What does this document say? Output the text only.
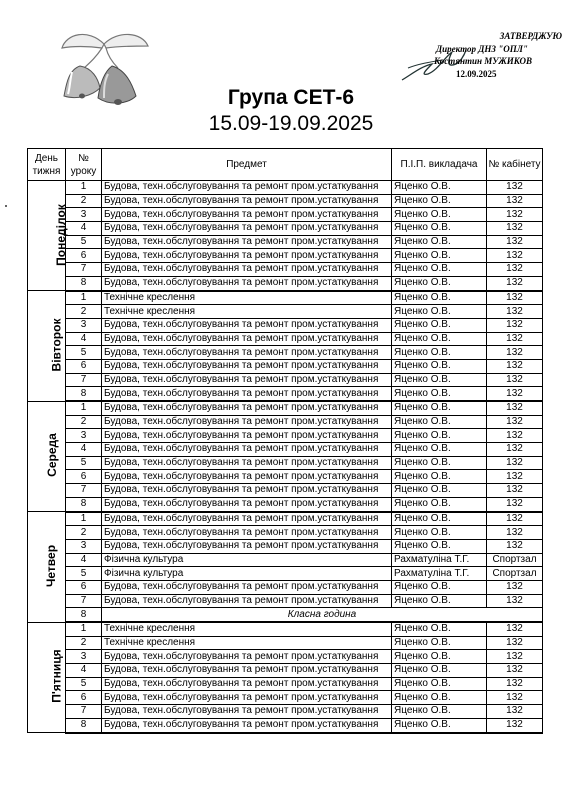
ЗАТВЕРДЖУЮ
Директор ДНЗ "ОПЛ"
Костянтин МУЖИКОВ
12.09.2025
Група СЕТ-6
15.09-19.09.2025
День тижня	№ уроку	Предмет	П.І.П. викладача	№ кабінету
Понеділок	1	Будова, техн.обслуговування та ремонт пром.устаткування	Яценко О.В.	132
	2	Будова, техн.обслуговування та ремонт пром.устаткування	Яценко О.В.	132
	3	Будова, техн.обслуговування та ремонт пром.устаткування	Яценко О.В.	132
	4	Будова, техн.обслуговування та ремонт пром.устаткування	Яценко О.В.	132
	5	Будова, техн.обслуговування та ремонт пром.устаткування	Яценко О.В.	132
	6	Будова, техн.обслуговування та ремонт пром.устаткування	Яценко О.В.	132
	7	Будова, техн.обслуговування та ремонт пром.устаткування	Яценко О.В.	132
	8	Будова, техн.обслуговування та ремонт пром.устаткування	Яценко О.В.	132
Вівторок	1	Технічне креслення	Яценко О.В.	132
	2	Технічне креслення	Яценко О.В.	132
	3	Будова, техн.обслуговування та ремонт пром.устаткування	Яценко О.В.	132
	4	Будова, техн.обслуговування та ремонт пром.устаткування	Яценко О.В.	132
	5	Будова, техн.обслуговування та ремонт пром.устаткування	Яценко О.В.	132
	6	Будова, техн.обслуговування та ремонт пром.устаткування	Яценко О.В.	132
	7	Будова, техн.обслуговування та ремонт пром.устаткування	Яценко О.В.	132
	8	Будова, техн.обслуговування та ремонт пром.устаткування	Яценко О.В.	132
Середа	1	Будова, техн.обслуговування та ремонт пром.устаткування	Яценко О.В.	132
	2	Будова, техн.обслуговування та ремонт пром.устаткування	Яценко О.В.	132
	3	Будова, техн.обслуговування та ремонт пром.устаткування	Яценко О.В.	132
	4	Будова, техн.обслуговування та ремонт пром.устаткування	Яценко О.В.	132
	5	Будова, техн.обслуговування та ремонт пром.устаткування	Яценко О.В.	132
	6	Будова, техн.обслуговування та ремонт пром.устаткування	Яценко О.В.	132
	7	Будова, техн.обслуговування та ремонт пром.устаткування	Яценко О.В.	132
	8	Будова, техн.обслуговування та ремонт пром.устаткування	Яценко О.В.	132
Четвер	1	Будова, техн.обслуговування та ремонт пром.устаткування	Яценко О.В.	132
	2	Будова, техн.обслуговування та ремонт пром.устаткування	Яценко О.В.	132
	3	Будова, техн.обслуговування та ремонт пром.устаткування	Яценко О.В.	132
	4	Фізична культура	Рахматуліна Т.Г.	Спортзал
	5	Фізична культура	Рахматуліна Т.Г.	Спортзал
	6	Будова, техн.обслуговування та ремонт пром.устаткування	Яценко О.В.	132
	7	Будова, техн.обслуговування та ремонт пром.устаткування	Яценко О.В.	132
	8	Класна година		
П'ятниця	1	Технічне креслення	Яценко О.В.	132
	2	Технічне креслення	Яценко О.В.	132
	3	Будова, техн.обслуговування та ремонт пром.устаткування	Яценко О.В.	132
	4	Будова, техн.обслуговування та ремонт пром.устаткування	Яценко О.В.	132
	5	Будова, техн.обслуговування та ремонт пром.устаткування	Яценко О.В.	132
	6	Будова, техн.обслуговування та ремонт пром.устаткування	Яценко О.В.	132
	7	Будова, техн.обслуговування та ремонт пром.устаткування	Яценко О.В.	132
	8	Будова, техн.обслуговування та ремонт пром.устаткування	Яценко О.В.	132
